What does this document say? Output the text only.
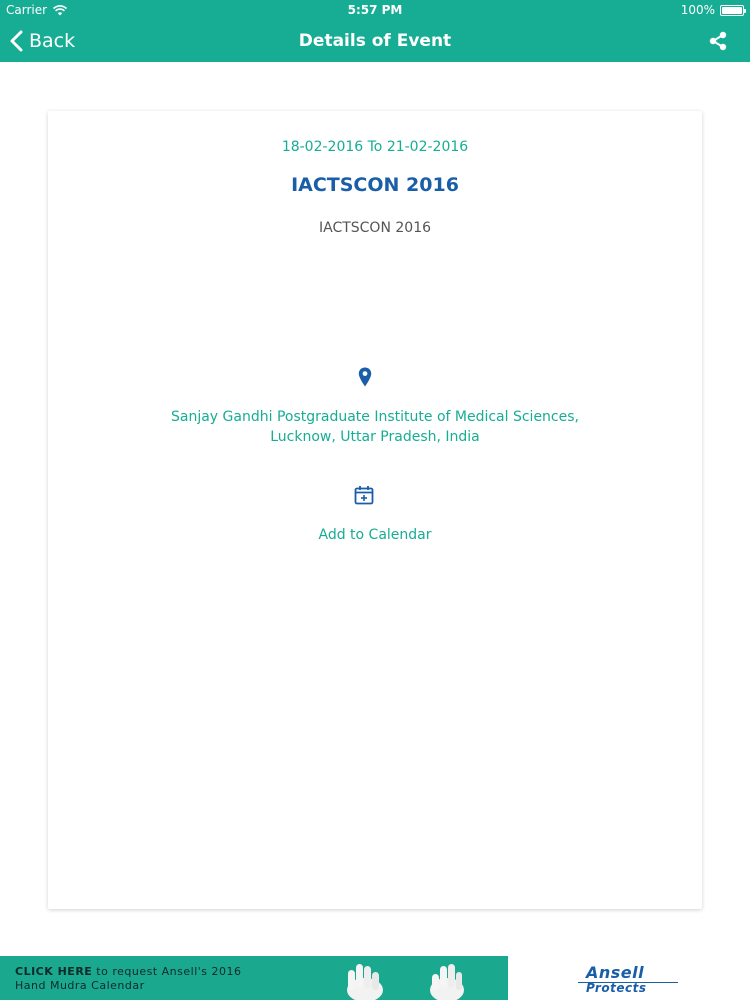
Carrier	5:57 PM	100%
Back	Details of Event
18-02-2016 To 21-02-2016
IACTSCON 2016
IACTSCON 2016
Sanjay Gandhi Postgraduate Institute of Medical Sciences,
Lucknow, Uttar Pradesh, India
Add to Calendar
CLICK HERE to request Ansell's 2016
Hand Mudra Calendar
Ansell
Protects
